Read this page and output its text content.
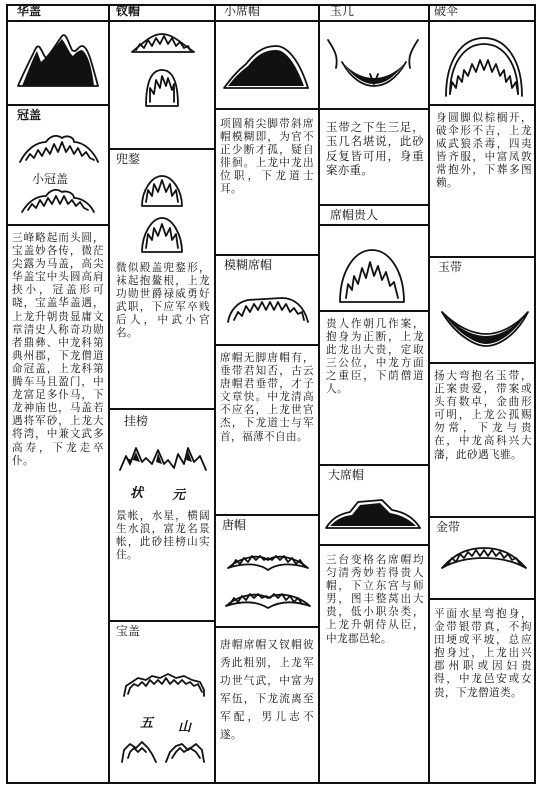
华盖
冠盖
小冠盖
三峰略起而头圆，宝盖妙各传，微茫尖露为马盖，高尖华盖宝中头圆高肩挟小，冠盖形可晓，宝盖华盖遇，上龙升朝贵显庸文章清史人称奇功勋者鼎彝、中龙科第典州郡，下龙僧道命冠盖，上龙科第腾车马且盈门，中龙富足多仆马，下龙神庙也，马盖若遇将军砂，上龙大将湾，中兼文武多高寿，下龙走卒仆。
钗帽
兜鍪
微似殿盖兜鍪形，袜起抱鳌根，上龙功勋世爵禄威勇好武职，下应军卒贱后人，中武小官名。
挂榜
状 元
景帐，水星，横阔生水浪，富龙名景帐，此砂挂榜山实住。
宝盖
五 山
小席帽
项圆稍尖脚带斜席帽模糊即，为官不正少断才孤，疑自徘徊。上龙中龙出位职，下龙道士耳。
模糊席帽
席帽无脚唐帽有，垂带君知否，古云唐帽君垂带，才子文章快。中龙清高不应名，上龙世官杰，下龙道士与军首，福薄不自由。
唐帽
唐帽席帽又钗帽彼秀此粗别，上龙军功世气武，中富为军伍，下龙流离至军配，男儿志不遂。
玉几
玉带之下生三足，玉几名堪说，此砂反复皆可用，身重案亦重。
席帽贵人
贵人作朝几作案，抱身为正断，上龙此龙出大贵，定取三公位，中龙方面之重臣，下荫僧道人。
大席帽
三台变格名席帽均匀清秀妙若得贵人帽，下立东宫与师男，图丰整莴出大贵，低小职杂类，上龙升朝侍从臣，中龙郡邑轮。
破伞
身圆脚似棕榈开，破伞形不吉，上龙威武狼杀毒，四夷皆齐服，中富凤敦常抱外，下葬多图赖。
玉带
扬大弯抱名玉带，正案贵爱，带案或头有数卓，金曲形可明，上龙公孤赐勿常，下龙与贵在，中龙高科兴大藩，此砂遇飞骓。
金带
平面水星弯抱身，金带银带真，不拘田埂或平坡，总应抱身过，上龙出兴郡州职或因妇贵得，中龙邑安或女贵，下龙僧道类。
